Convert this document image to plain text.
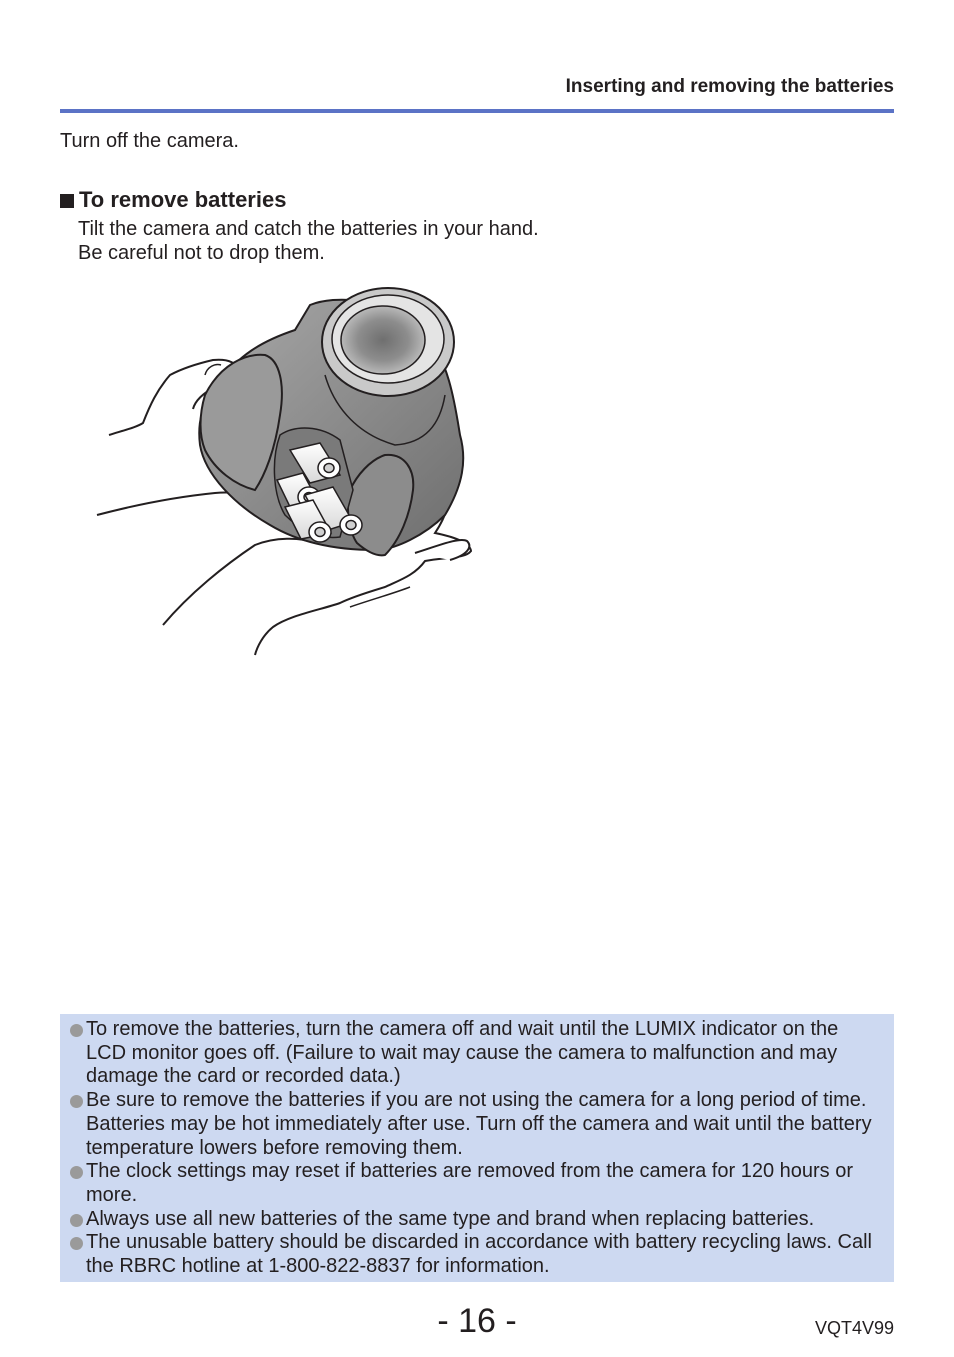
Inserting and removing the batteries
Turn off the camera.
To remove batteries
Tilt the camera and catch the batteries in your hand.
Be careful not to drop them.
To remove the batteries, turn the camera off and wait until the LUMIX indicator on the LCD monitor goes off. (Failure to wait may cause the camera to malfunction and may damage the card or recorded data.)
Be sure to remove the batteries if you are not using the camera for a long period of time. Batteries may be hot immediately after use. Turn off the camera and wait until the battery temperature lowers before removing them.
The clock settings may reset if batteries are removed from the camera for 120 hours or more.
Always use all new batteries of the same type and brand when replacing batteries.
The unusable battery should be discarded in accordance with battery recycling laws. Call the RBRC hotline at 1-800-822-8837 for information.
- 16 -	VQT4V99
